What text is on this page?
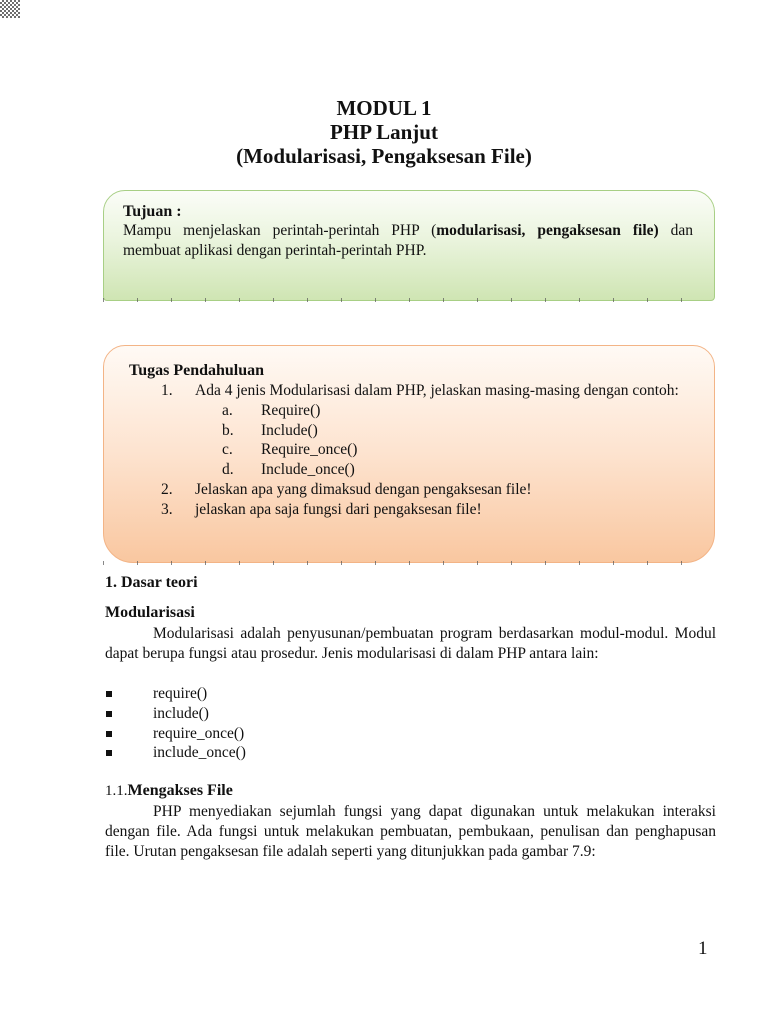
MODUL 1
PHP Lanjut
(Modularisasi, Pengaksesan File)
Tujuan :
Mampu menjelaskan perintah-perintah PHP (modularisasi, pengaksesan file) dan membuat aplikasi dengan perintah-perintah PHP.
Tugas Pendahuluan
1. Ada 4 jenis Modularisasi dalam PHP, jelaskan masing-masing dengan contoh:
a. Require()
b. Include()
c. Require_once()
d. Include_once()
2. Jelaskan apa yang dimaksud dengan pengaksesan file!
3. jelaskan apa saja fungsi dari pengaksesan file!
1. Dasar teori
Modularisasi
Modularisasi adalah penyusunan/pembuatan program berdasarkan modul-modul. Modul dapat berupa fungsi atau prosedur. Jenis modularisasi di dalam PHP antara lain:
require()
include()
require_once()
include_once()
1.1.Mengakses File
PHP menyediakan sejumlah fungsi yang dapat digunakan untuk melakukan interaksi dengan file. Ada fungsi untuk melakukan pembuatan, pembukaan, penulisan dan penghapusan file. Urutan pengaksesan file adalah seperti yang ditunjukkan pada gambar 7.9:
1
